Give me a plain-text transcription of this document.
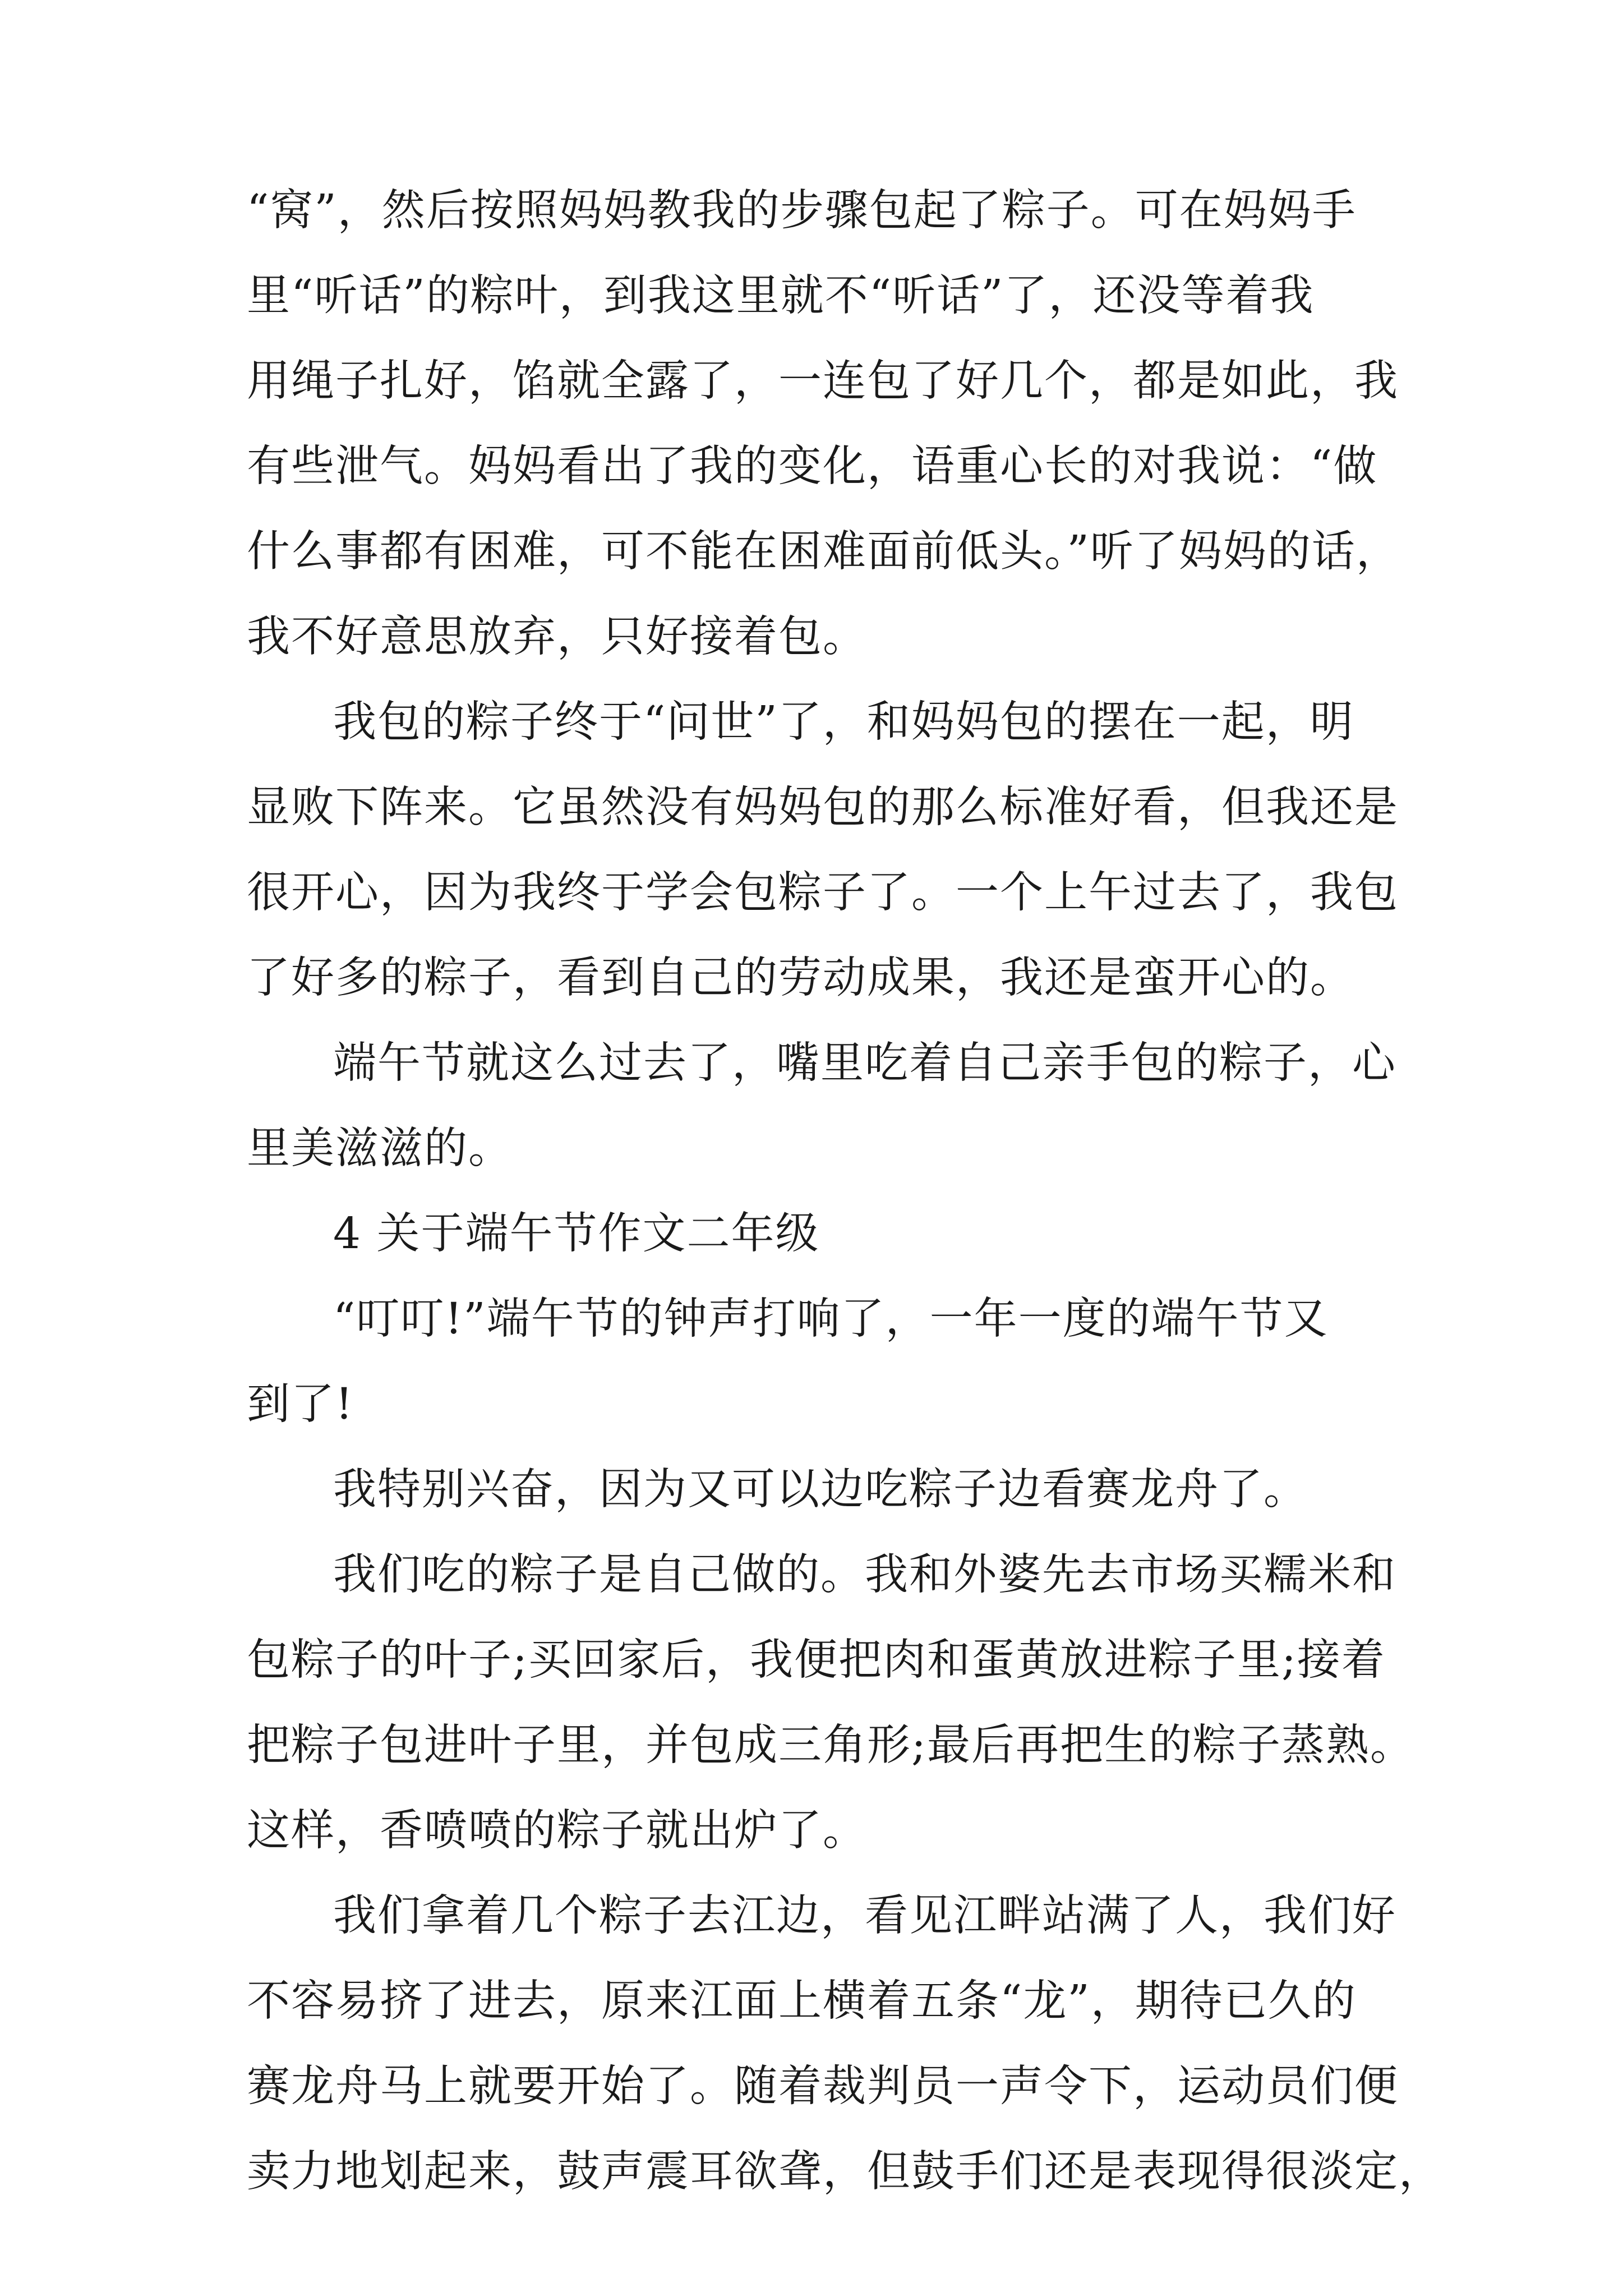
“窝”，然后按照妈妈教我的步骤包起了粽子。可在妈妈手
里“听话”的粽叶，到我这里就不“听话”了，还没等着我
用绳子扎好，馅就全露了，一连包了好几个，都是如此，我
有些泄气。妈妈看出了我的变化，语重心长的对我说：“做
什么事都有困难，可不能在困难面前低头。”听了妈妈的话，
我不好意思放弃，只好接着包。
我包的粽子终于“问世”了，和妈妈包的摆在一起，明
显败下阵来。它虽然没有妈妈包的那么标准好看，但我还是
很开心，因为我终于学会包粽子了。一个上午过去了，我包
了好多的粽子，看到自己的劳动成果，我还是蛮开心的。
端午节就这么过去了，嘴里吃着自己亲手包的粽子，心
里美滋滋的。
4 关于端午节作文二年级
“叮叮!”端午节的钟声打响了，一年一度的端午节又
到了!
我特别兴奋，因为又可以边吃粽子边看赛龙舟了。
我们吃的粽子是自己做的。我和外婆先去市场买糯米和
包粽子的叶子;买回家后，我便把肉和蛋黄放进粽子里;接着
把粽子包进叶子里，并包成三角形;最后再把生的粽子蒸熟。
这样，香喷喷的粽子就出炉了。
我们拿着几个粽子去江边，看见江畔站满了人，我们好
不容易挤了进去，原来江面上横着五条“龙”，期待已久的
赛龙舟马上就要开始了。随着裁判员一声令下，运动员们便
卖力地划起来，鼓声震耳欲聋，但鼓手们还是表现得很淡定，
